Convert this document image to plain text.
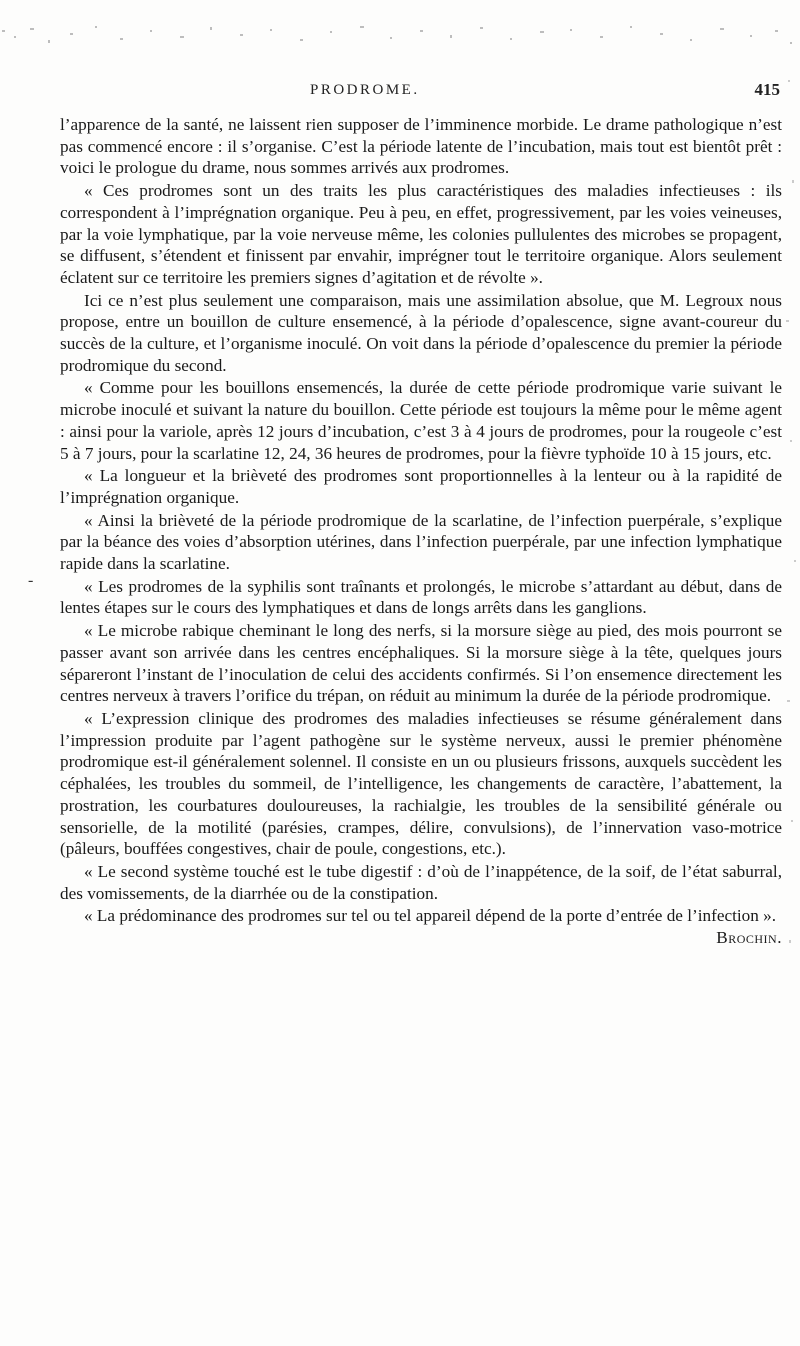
PRODROME.	415
-

l’apparence de la santé, ne laissent rien supposer de l’imminence morbide. Le drame pathologique n’est pas commencé encore : il s’organise. C’est la période latente de l’incubation, mais tout est bientôt prêt : voici le prologue du drame, nous sommes arrivés aux prodromes.

« Ces prodromes sont un des traits les plus caractéristiques des maladies infectieuses : ils correspondent à l’imprégnation organique. Peu à peu, en effet, progressivement, par les voies veineuses, par la voie lymphatique, par la voie nerveuse même, les colonies pullulentes des microbes se propagent, se diffusent, s’étendent et finissent par envahir, imprégner tout le territoire organique. Alors seulement éclatent sur ce territoire les premiers signes d’agitation et de révolte ».

Ici ce n’est plus seulement une comparaison, mais une assimilation absolue, que M. Legroux nous propose, entre un bouillon de culture ensemencé, à la période d’opalescence, signe avant-coureur du succès de la culture, et l’organisme inoculé. On voit dans la période d’opalescence du premier la période prodromique du second.

« Comme pour les bouillons ensemencés, la durée de cette période prodromique varie suivant le microbe inoculé et suivant la nature du bouillon. Cette période est toujours la même pour le même agent : ainsi pour la variole, après 12 jours d’incubation, c’est 3 à 4 jours de prodromes, pour la rougeole c’est 5 à 7 jours, pour la scarlatine 12, 24, 36 heures de prodromes, pour la fièvre typhoïde 10 à 15 jours, etc.

« La longueur et la brièveté des prodromes sont proportionnelles à la lenteur ou à la rapidité de l’imprégnation organique.

« Ainsi la brièveté de la période prodromique de la scarlatine, de l’infection puerpérale, s’explique par la béance des voies d’absorption utérines, dans l’infection puerpérale, par une infection lymphatique rapide dans la scarlatine.

« Les prodromes de la syphilis sont traînants et prolongés, le microbe s’attardant au début, dans de lentes étapes sur le cours des lymphatiques et dans de longs arrêts dans les ganglions.

« Le microbe rabique cheminant le long des nerfs, si la morsure siège au pied, des mois pourront se passer avant son arrivée dans les centres encéphaliques. Si la morsure siège à la tête, quelques jours sépareront l’instant de l’inoculation de celui des accidents confirmés. Si l’on ensemence directement les centres nerveux à travers l’orifice du trépan, on réduit au minimum la durée de la période prodromique.

« L’expression clinique des prodromes des maladies infectieuses se résume généralement dans l’impression produite par l’agent pathogène sur le système nerveux, aussi le premier phénomène prodromique est-il généralement solennel. Il consiste en un ou plusieurs frissons, auxquels succèdent les céphalées, les troubles du sommeil, de l’intelligence, les changements de caractère, l’abattement, la prostration, les courbatures douloureuses, la rachialgie, les troubles de la sensibilité générale ou sensorielle, de la motilité (parésies, crampes, délire, convulsions), de l’innervation vaso-motrice (pâleurs, bouffées congestives, chair de poule, congestions, etc.).

« Le second système touché est le tube digestif : d’où de l’inappétence, de la soif, de l’état saburral, des vomissements, de la diarrhée ou de la constipation.

« La prédominance des prodromes sur tel ou tel appareil dépend de la porte d’entrée de l’infection ».
Brochin.
